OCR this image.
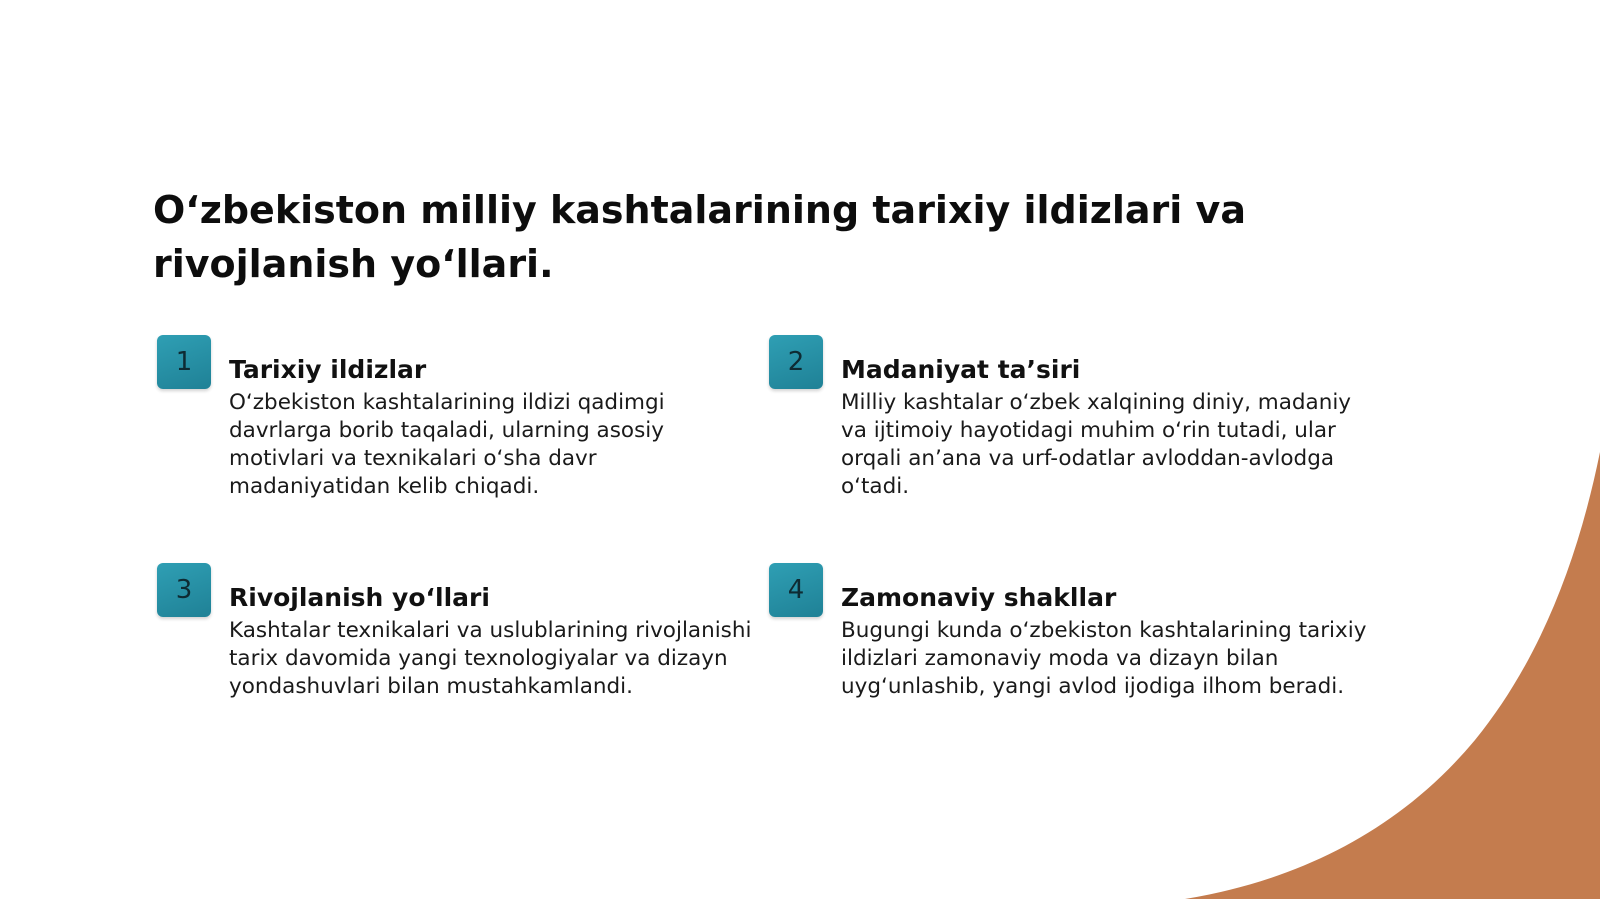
O‘zbekiston milliy kashtalarining tarixiy ildizlari va rivojlanish yo‘llari.
1	Tarixiy ildizlar

O‘zbekiston kashtalarining ildizi qadimgi davrlarga borib taqaladi, ularning asosiy motivlari va texnikalari o‘sha davr madaniyatidan kelib chiqadi.

2	Madaniyat ta’siri

Milliy kashtalar o‘zbek xalqining diniy, madaniy va ijtimoiy hayotidagi muhim o‘rin tutadi, ular orqali an’ana va urf-odatlar avloddan-avlodga o‘tadi.

3	Rivojlanish yo‘llari

Kashtalar texnikalari va uslublarining rivojlanishi tarix davomida yangi texnologiyalar va dizayn yondashuvlari bilan mustahkamlandi.

4	Zamonaviy shakllar

Bugungi kunda o‘zbekiston kashtalarining tarixiy ildizlari zamonaviy moda va dizayn bilan uyg‘unlashib, yangi avlod ijodiga ilhom beradi.
